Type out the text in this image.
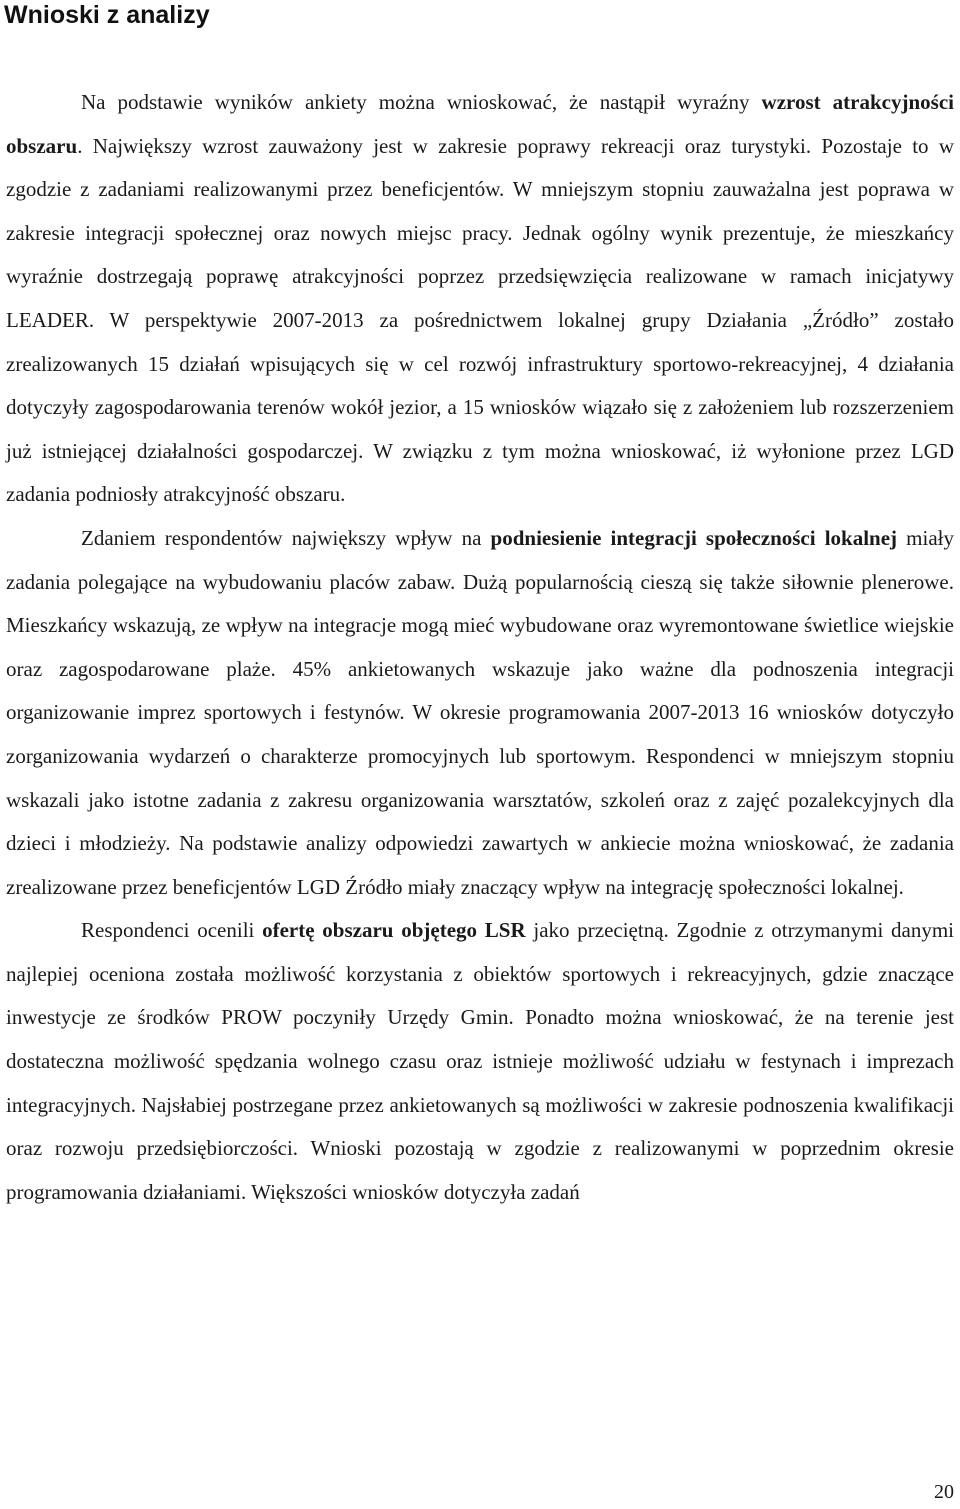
Wnioski z analizy

Na podstawie wyników ankiety można wnioskować, że nastąpił wyraźny wzrost atrakcyjności obszaru. Największy wzrost zauważony jest w zakresie poprawy rekreacji oraz turystyki. Pozostaje to w zgodzie z zadaniami realizowanymi przez beneficjentów. W mniejszym stopniu zauważalna jest poprawa w zakresie integracji społecznej oraz nowych miejsc pracy. Jednak ogólny wynik prezentuje, że mieszkańcy wyraźnie dostrzegają poprawę atrakcyjności poprzez przedsięwzięcia realizowane w ramach inicjatywy LEADER. W perspektywie 2007-2013 za pośrednictwem lokalnej grupy Działania „Źródło” zostało zrealizowanych 15 działań wpisujących się w cel rozwój infrastruktury sportowo-rekreacyjnej, 4 działania dotyczyły zagospodarowania terenów wokół jezior, a 15 wniosków wiązało się z założeniem lub rozszerzeniem już istniejącej działalności gospodarczej. W związku z tym można wnioskować, iż wyłonione przez LGD zadania podniosły atrakcyjność obszaru.

Zdaniem respondentów największy wpływ na podniesienie integracji społeczności lokalnej miały zadania polegające na wybudowaniu placów zabaw. Dużą popularnością cieszą się także siłownie plenerowe. Mieszkańcy wskazują, ze wpływ na integracje mogą mieć wybudowane oraz wyremontowane świetlice wiejskie oraz zagospodarowane plaże. 45% ankietowanych wskazuje jako ważne dla podnoszenia integracji organizowanie imprez sportowych i festynów. W okresie programowania 2007-2013 16 wniosków dotyczyło zorganizowania wydarzeń o charakterze promocyjnych lub sportowym. Respondenci w mniejszym stopniu wskazali jako istotne zadania z zakresu organizowania warsztatów, szkoleń oraz z zajęć pozalekcyjnych dla dzieci i młodzieży. Na podstawie analizy odpowiedzi zawartych w ankiecie można wnioskować, że zadania zrealizowane przez beneficjentów LGD Źródło miały znaczący wpływ na integrację społeczności lokalnej.

Respondenci ocenili ofertę obszaru objętego LSR jako przeciętną. Zgodnie z otrzymanymi danymi najlepiej oceniona została możliwość korzystania z obiektów sportowych i rekreacyjnych, gdzie znaczące inwestycje ze środków PROW poczyniły Urzędy Gmin. Ponadto można wnioskować, że na terenie jest dostateczna możliwość spędzania wolnego czasu oraz istnieje możliwość udziału w festynach i imprezach integracyjnych. Najsłabiej postrzegane przez ankietowanych są możliwości w zakresie podnoszenia kwalifikacji oraz rozwoju przedsiębiorczości. Wnioski pozostają w zgodzie z realizowanymi w poprzednim okresie programowania działaniami. Większości wniosków dotyczyła zadań

20
